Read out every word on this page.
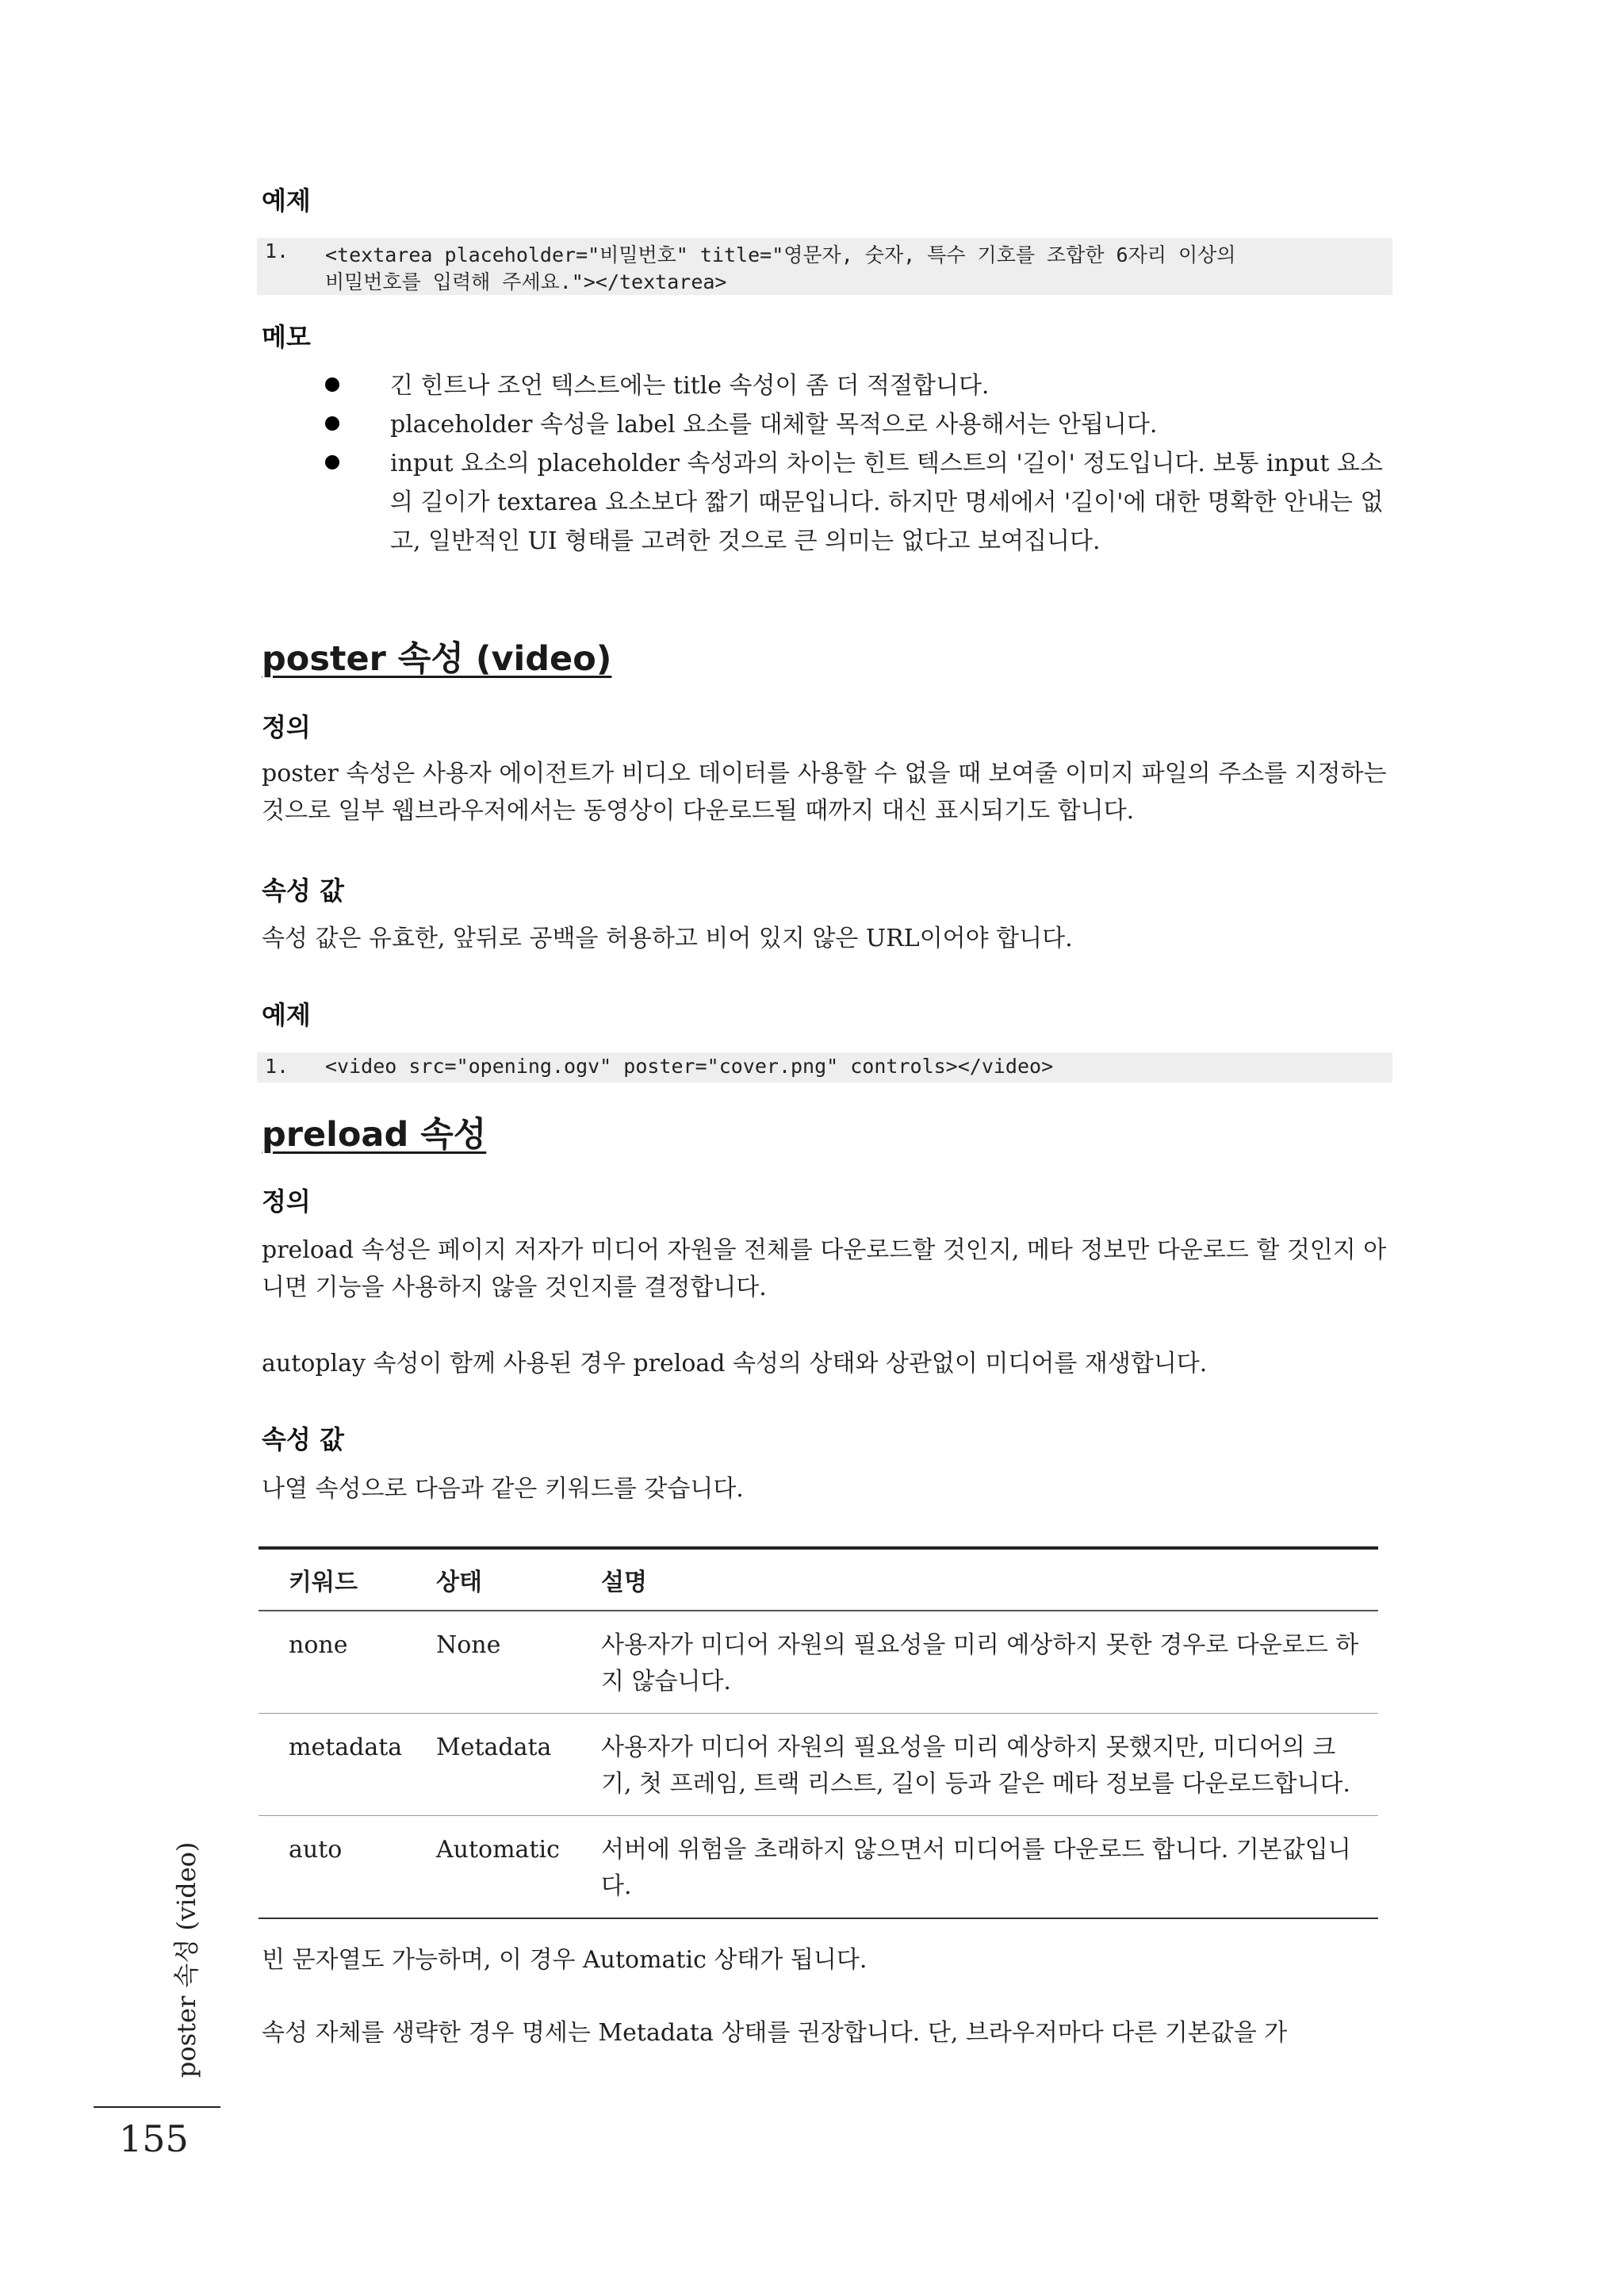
예제
1. <textarea placeholder="비밀번호" title="영문자, 숫자, 특수 기호를 조합한 6자리 이상의
비밀번호를 입력해 주세요."></textarea>
메모
긴 힌트나 조언 텍스트에는 title 속성이 좀 더 적절합니다.
placeholder 속성을 label 요소를 대체할 목적으로 사용해서는 안됩니다.
input 요소의 placeholder 속성과의 차이는 힌트 텍스트의 '길이' 정도입니다. 보통 input 요소의 길이가 textarea 요소보다 짧기 때문입니다. 하지만 명세에서 '길이'에 대한 명확한 안내는 없고, 일반적인 UI 형태를 고려한 것으로 큰 의미는 없다고 보여집니다.
poster 속성 (video)
정의

poster 속성은 사용자 에이전트가 비디오 데이터를 사용할 수 없을 때 보여줄 이미지 파일의 주소를 지정하는 것으로 일부 웹브라우저에서는 동영상이 다운로드될 때까지 대신 표시되기도 합니다.

속성 값

속성 값은 유효한, 앞뒤로 공백을 허용하고 비어 있지 않은 URL이어야 합니다.

예제
1. <video src="opening.ogv" poster="cover.png" controls></video>
preload 속성
정의

preload 속성은 페이지 저자가 미디어 자원을 전체를 다운로드할 것인지, 메타 정보만 다운로드 할 것인지 아니면 기능을 사용하지 않을 것인지를 결정합니다.

autoplay 속성이 함께 사용된 경우 preload 속성의 상태와 상관없이 미디어를 재생합니다.

속성 값

나열 속성으로 다음과 같은 키워드를 갖습니다.

키워드	상태	설명
none	None	사용자가 미디어 자원의 필요성을 미리 예상하지 못한 경우로 다운로드 하지 않습니다.
metadata	Metadata	사용자가 미디어 자원의 필요성을 미리 예상하지 못했지만, 미디어의 크기, 첫 프레임, 트랙 리스트, 길이 등과 같은 메타 정보를 다운로드합니다.
auto	Automatic	서버에 위험을 초래하지 않으면서 미디어를 다운로드 합니다. 기본값입니다.

빈 문자열도 가능하며, 이 경우 Automatic 상태가 됩니다.

속성 자체를 생략한 경우 명세는 Metadata 상태를 권장합니다. 단, 브라우저마다 다른 기본값을 가

poster 속성 (video)
155
